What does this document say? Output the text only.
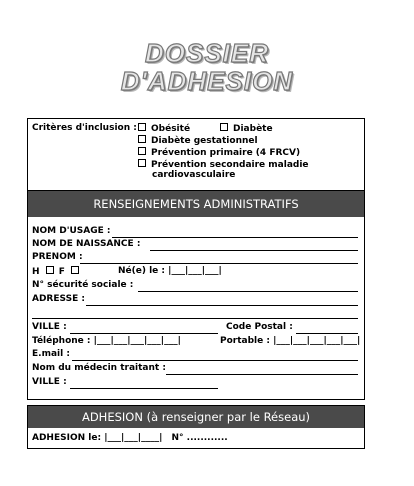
DOSSIER
D'ADHESION
Critères d'inclusion :	Obésité	Diabète
Diabète gestationnel
Prévention primaire (4 FRCV)
Prévention secondaire maladie
cardiovasculaire
RENSEIGNEMENTS ADMINISTRATIFS
NOM D'USAGE :
NOM DE NAISSANCE :
PRENOM :
H F	Né(e) le : |___|___|___|
N° sécurité sociale :
ADRESSE :
VILLE :	Code Postal :
Téléphone : |___|___|___|___|___|	Portable : |___|___|___|___|___|
E.mail :
Nom du médecin traitant :
VILLE :
ADHESION (à renseigner par le Réseau)
ADHESION le: |___|___|____| N° ............
